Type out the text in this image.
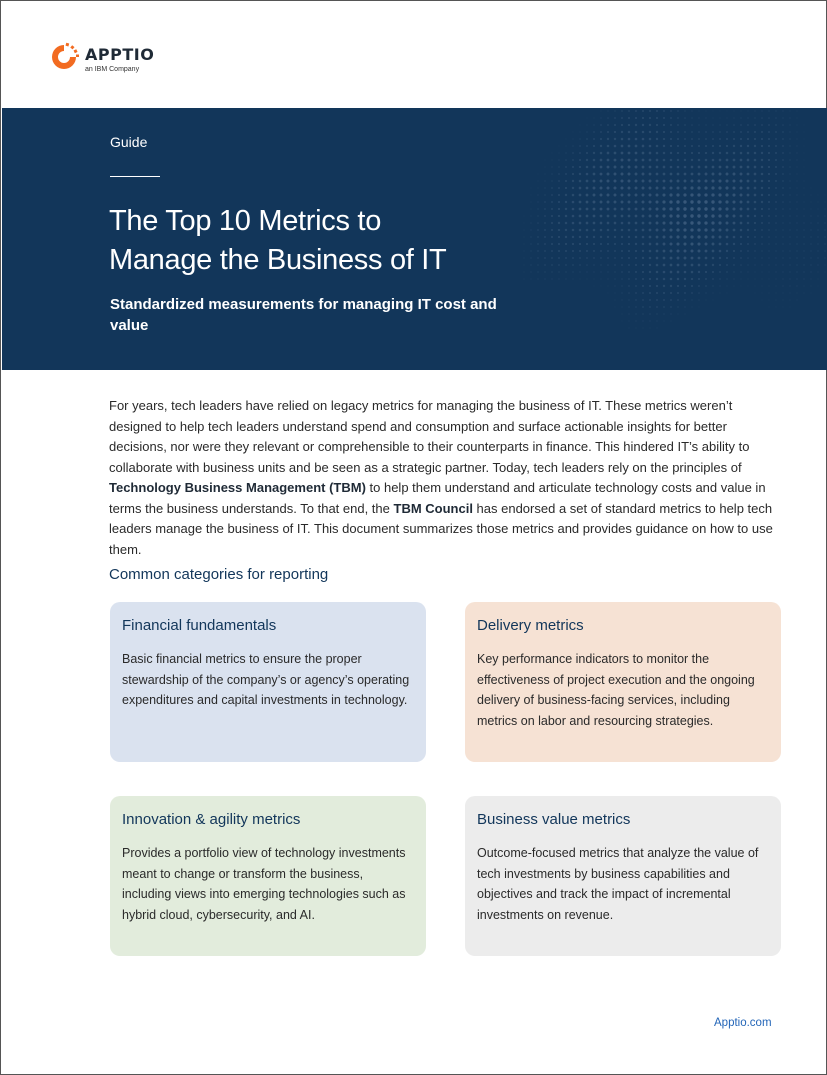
APPTIO
an IBM Company
Guide
The Top 10 Metrics to
Manage the Business of IT
Standardized measurements for managing IT cost and value

For years, tech leaders have relied on legacy metrics for managing the business of IT. These metrics weren’t designed to help tech leaders understand spend and consumption and surface actionable insights for better decisions, nor were they relevant or comprehensible to their counterparts in finance. This hindered IT’s ability to collaborate with business units and be seen as a strategic partner. Today, tech leaders rely on the principles of Technology Business Management (TBM) to help them understand and articulate technology costs and value in terms the business understands. To that end, the TBM Council has endorsed a set of standard metrics to help tech leaders manage the business of IT. This document summarizes those metrics and provides guidance on how to use them.

Common categories for reporting
Financial fundamentals
Basic financial metrics to ensure the proper stewardship of the company’s or agency’s operating expenditures and capital investments in technology.
Delivery metrics
Key performance indicators to monitor the effectiveness of project execution and the ongoing delivery of business-facing services, including metrics on labor and resourcing strategies.
Innovation & agility metrics
Provides a portfolio view of technology investments meant to change or transform the business, including views into emerging technologies such as hybrid cloud, cybersecurity, and AI.
Business value metrics
Outcome-focused metrics that analyze the value of tech investments by business capabilities and objectives and track the impact of incremental investments on revenue.
Apptio.com
